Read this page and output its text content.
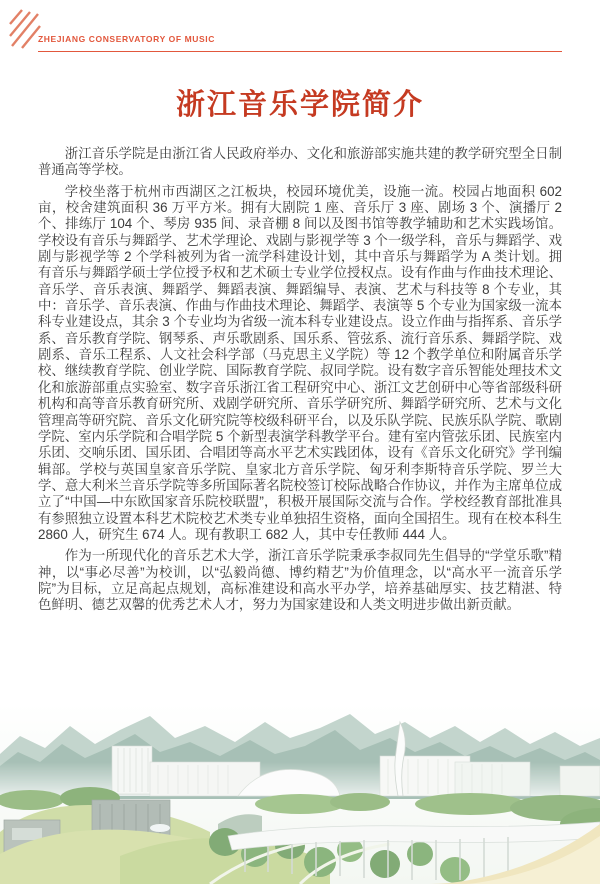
ZHEJIANG CONSERVATORY OF MUSIC
浙江音乐学院简介

浙江音乐学院是由浙江省人民政府举办、文化和旅游部实施共建的教学研究型全日制普通高等学校。

学校坐落于杭州市西湖区之江板块，校园环境优美，设施一流。校园占地面积 602 亩，校舍建筑面积 36 万平方米。拥有大剧院 1 座、音乐厅 3 座、剧场 3 个、演播厅 2 个、排练厅 104 个、琴房 935 间、录音棚 8 间以及图书馆等教学辅助和艺术实践场馆。学校设有音乐与舞蹈学、艺术学理论、戏剧与影视学等 3 个一级学科，音乐与舞蹈学、戏剧与影视学等 2 个学科被列为省一流学科建设计划，其中音乐与舞蹈学为 A 类计划。拥有音乐与舞蹈学硕士学位授予权和艺术硕士专业学位授权点。设有作曲与作曲技术理论、音乐学、音乐表演、舞蹈学、舞蹈表演、舞蹈编导、表演、艺术与科技等 8 个专业，其中：音乐学、音乐表演、作曲与作曲技术理论、舞蹈学、表演等 5 个专业为国家级一流本科专业建设点，其余 3 个专业均为省级一流本科专业建设点。设立作曲与指挥系、音乐学系、音乐教育学院、钢琴系、声乐歌剧系、国乐系、管弦系、流行音乐系、舞蹈学院、戏剧系、音乐工程系、人文社会科学部（马克思主义学院）等 12 个教学单位和附属音乐学校、继续教育学院、创业学院、国际教育学院、叔同学院。设有数字音乐智能处理技术文化和旅游部重点实验室、数字音乐浙江省工程研究中心、浙江文艺创研中心等省部级科研机构和高等音乐教育研究所、戏剧学研究所、音乐学研究所、舞蹈学研究所、艺术与文化管理高等研究院、音乐文化研究院等校级科研平台，以及乐队学院、民族乐队学院、歌剧学院、室内乐学院和合唱学院 5 个新型表演学科教学平台。建有室内管弦乐团、民族室内乐团、交响乐团、国乐团、合唱团等高水平艺术实践团体，设有《音乐文化研究》学刊编辑部。学校与英国皇家音乐学院、皇家北方音乐学院、匈牙利李斯特音乐学院、罗兰大学、意大利米兰音乐学院等多所国际著名院校签订校际战略合作协议，并作为主席单位成立了“中国—中东欧国家音乐院校联盟”，积极开展国际交流与合作。学校经教育部批准具有参照独立设置本科艺术院校艺术类专业单独招生资格，面向全国招生。现有在校本科生 2860 人，研究生 674 人。现有教职工 682 人，其中专任教师 444 人。

作为一所现代化的音乐艺术大学，浙江音乐学院秉承李叔同先生倡导的“学堂乐歌”精神，以“事必尽善”为校训，以“弘毅尚德、博约精艺”为价值理念，以“高水平一流音乐学院”为目标，立足高起点规划，高标准建设和高水平办学，培养基础厚实、技艺精湛、特色鲜明、德艺双馨的优秀艺术人才，努力为国家建设和人类文明进步做出新贡献。
